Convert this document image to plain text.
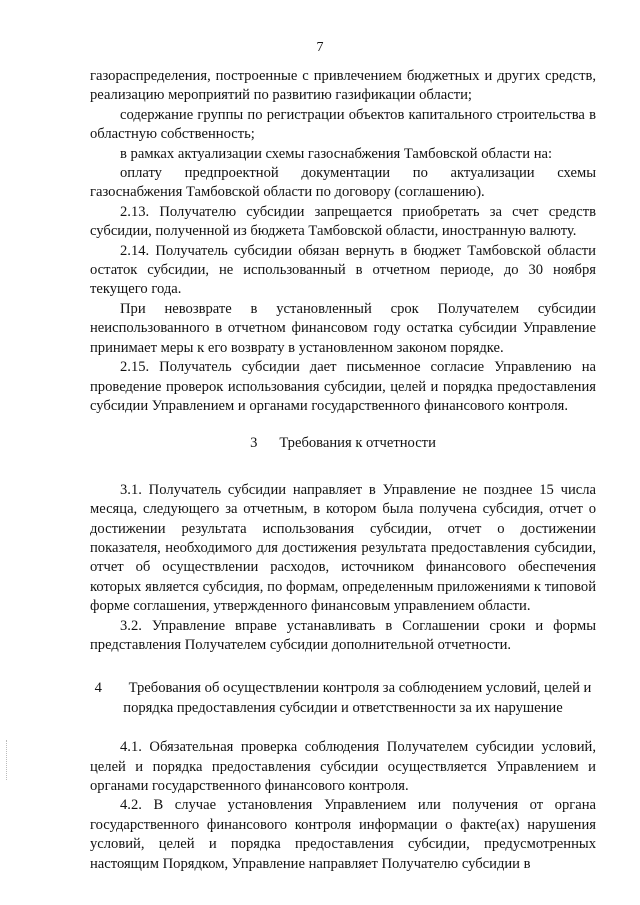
7

газораспределения, построенные с привлечением бюджетных и других средств, реализацию мероприятий по развитию газификации области;

содержание группы по регистрации объектов капитального строительства в областную собственность;

в рамках актуализации схемы газоснабжения Тамбовской области на:

оплату предпроектной документации по актуализации схемы газоснабжения Тамбовской области по договору (соглашению).

2.13. Получателю субсидии запрещается приобретать за счет средств субсидии, полученной из бюджета Тамбовской области, иностранную валюту.

2.14. Получатель субсидии обязан вернуть в бюджет Тамбовской области остаток субсидии, не использованный в отчетном периоде, до 30 ноября текущего года.

При невозврате в установленный срок Получателем субсидии неиспользованного в отчетном финансовом году остатка субсидии Управление принимает меры к его возврату в установленном законом порядке.

2.15. Получатель субсидии дает письменное согласие Управлению на проведение проверок использования субсидии, целей и порядка предоставления субсидии Управлением и органами государственного финансового контроля.

3 Требования к отчетности

3.1. Получатель субсидии направляет в Управление не позднее 15 числа месяца, следующего за отчетным, в котором была получена субсидия, отчет о достижении результата использования субсидии, отчет о достижении показателя, необходимого для достижения результата предоставления субсидии, отчет об осуществлении расходов, источником финансового обеспечения которых является субсидия, по формам, определенным приложениями к типовой форме соглашения, утвержденного финансовым управлением области.

3.2. Управление вправе устанавливать в Соглашении сроки и формы представления Получателем субсидии дополнительной отчетности.

4 Требования об осуществлении контроля за соблюдением условий, целей и порядка предоставления субсидии и ответственности за их нарушение

4.1. Обязательная проверка соблюдения Получателем субсидии условий, целей и порядка предоставления субсидии осуществляется Управлением и органами государственного финансового контроля.

4.2. В случае установления Управлением или получения от органа государственного финансового контроля информации о факте(ах) нарушения условий, целей и порядка предоставления субсидии, предусмотренных настоящим Порядком, Управление направляет Получателю субсидии в
